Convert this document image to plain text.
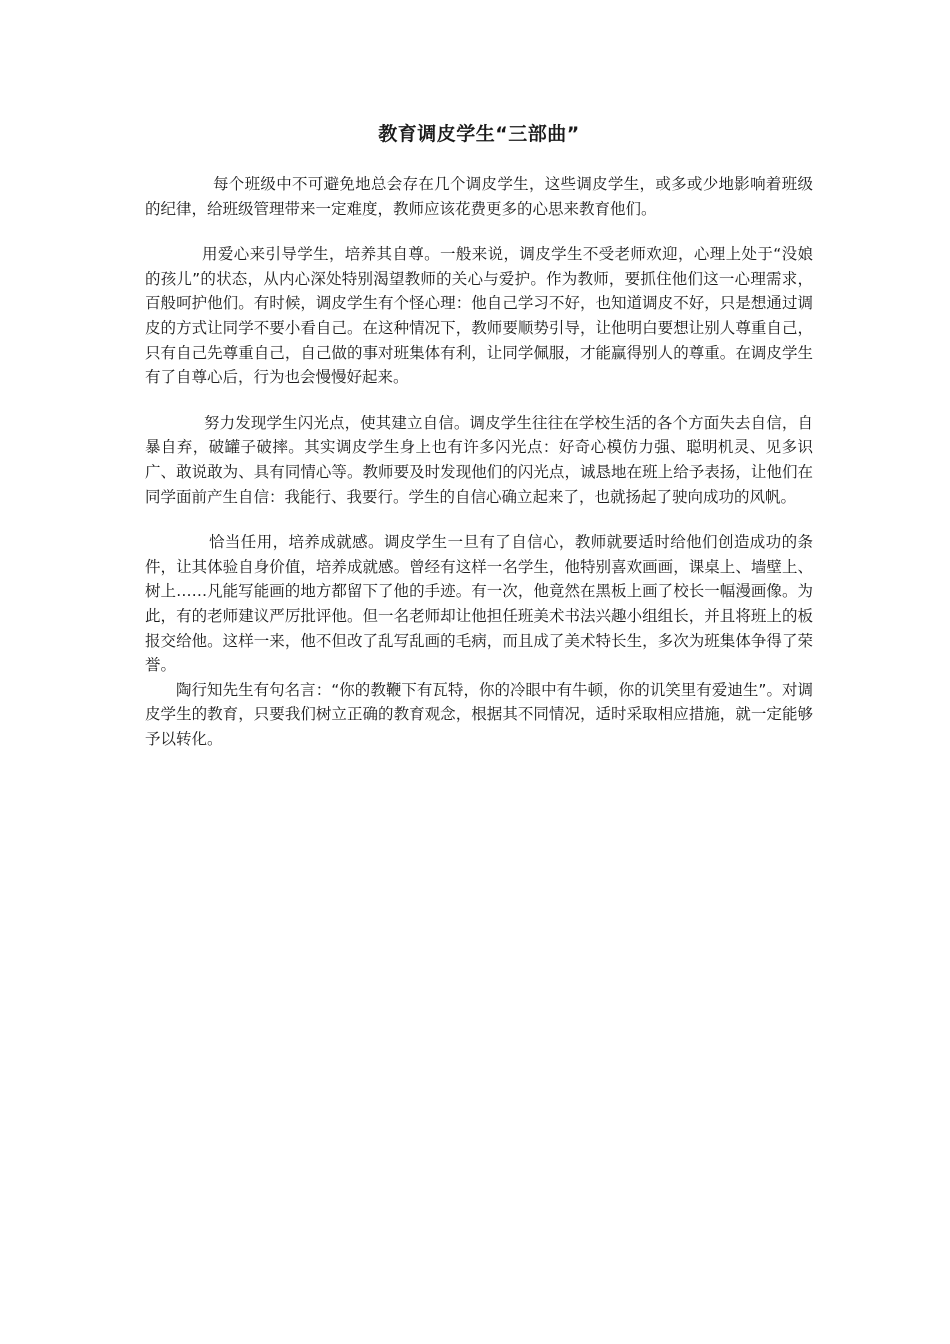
教育调皮学生“三部曲”

每个班级中不可避免地总会存在几个调皮学生，这些调皮学生，或多或少地影响着班级的纪律，给班级管理带来一定难度，教师应该花费更多的心思来教育他们。

用爱心来引导学生，培养其自尊。一般来说，调皮学生不受老师欢迎，心理上处于“没娘的孩儿”的状态，从内心深处特别渴望教师的关心与爱护。作为教师，要抓住他们这一心理需求，百般呵护他们。有时候，调皮学生有个怪心理：他自己学习不好，也知道调皮不好，只是想通过调皮的方式让同学不要小看自己。在这种情况下，教师要顺势引导，让他明白要想让别人尊重自己，只有自己先尊重自己，自己做的事对班集体有利，让同学佩服，才能赢得别人的尊重。在调皮学生有了自尊心后，行为也会慢慢好起来。

努力发现学生闪光点，使其建立自信。调皮学生往往在学校生活的各个方面失去自信，自暴自弃，破罐子破摔。其实调皮学生身上也有许多闪光点：好奇心模仿力强、聪明机灵、见多识广、敢说敢为、具有同情心等。教师要及时发现他们的闪光点，诚恳地在班上给予表扬，让他们在同学面前产生自信：我能行、我要行。学生的自信心确立起来了，也就扬起了驶向成功的风帆。

恰当任用，培养成就感。调皮学生一旦有了自信心，教师就要适时给他们创造成功的条件，让其体验自身价值，培养成就感。曾经有这样一名学生，他特别喜欢画画，课桌上、墙壁上、树上……凡能写能画的地方都留下了他的手迹。有一次，他竟然在黑板上画了校长一幅漫画像。为此，有的老师建议严厉批评他。但一名老师却让他担任班美术书法兴趣小组组长，并且将班上的板报交给他。这样一来，他不但改了乱写乱画的毛病，而且成了美术特长生，多次为班集体争得了荣誉。

陶行知先生有句名言：“你的教鞭下有瓦特，你的冷眼中有牛顿，你的讥笑里有爱迪生”。对调皮学生的教育，只要我们树立正确的教育观念，根据其不同情况，适时采取相应措施，就一定能够予以转化。
